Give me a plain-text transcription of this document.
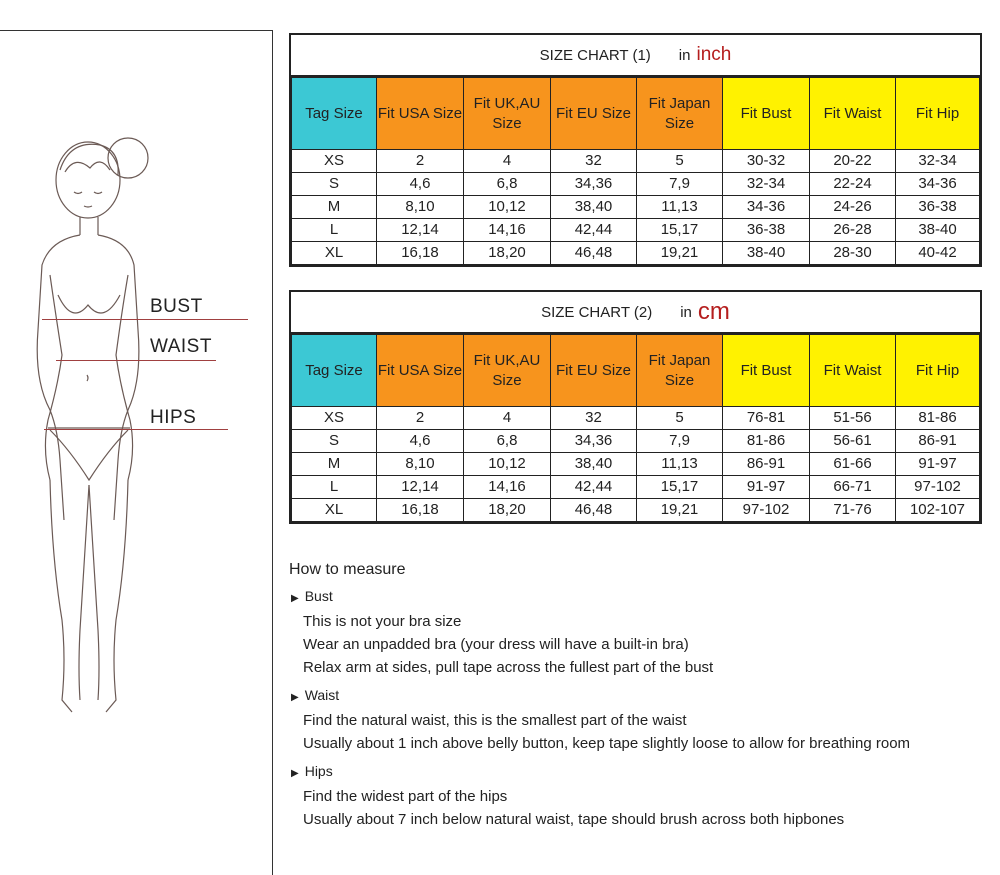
BUST
WAIST
HIPS
SIZE CHART (1) in inch
Tag Size	Fit USA Size	Fit UK,AU Size	Fit EU Size	Fit Japan Size	Fit Bust	Fit Waist	Fit Hip
XS	2	4	32	5	30-32	20-22	32-34
S	4,6	6,8	34,36	7,9	32-34	22-24	34-36
M	8,10	10,12	38,40	11,13	34-36	24-26	36-38
L	12,14	14,16	42,44	15,17	36-38	26-28	38-40
XL	16,18	18,20	46,48	19,21	38-40	28-30	40-42
SIZE CHART (2) in cm
Tag Size	Fit USA Size	Fit UK,AU Size	Fit EU Size	Fit Japan Size	Fit Bust	Fit Waist	Fit Hip
XS	2	4	32	5	76-81	51-56	81-86
S	4,6	6,8	34,36	7,9	81-86	56-61	86-91
M	8,10	10,12	38,40	11,13	86-91	61-66	91-97
L	12,14	14,16	42,44	15,17	91-97	66-71	97-102
XL	16,18	18,20	46,48	19,21	97-102	71-76	102-107
How to measure
▶ Bust
This is not your bra size
Wear an unpadded bra (your dress will have a built-in bra)
Relax arm at sides, pull tape across the fullest part of the bust
▶ Waist
Find the natural waist, this is the smallest part of the waist
Usually about 1 inch above belly button, keep tape slightly loose to allow for breathing room
▶ Hips
Find the widest part of the hips
Usually about 7 inch below natural waist, tape should brush across both hipbones
